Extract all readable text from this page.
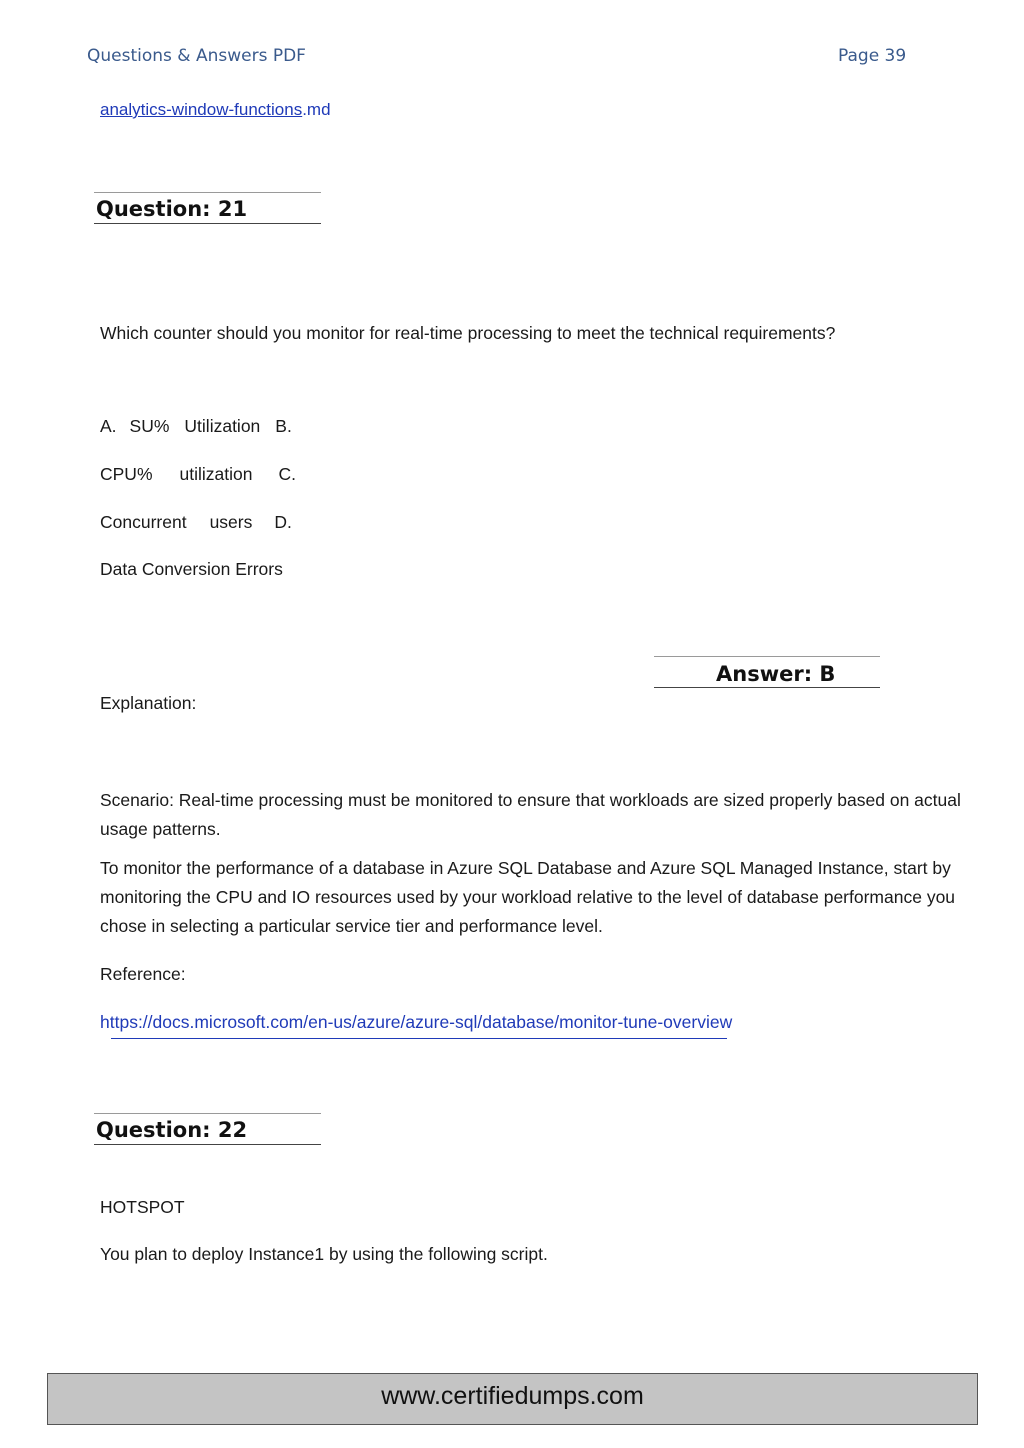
Questions & Answers PDF	Page 39
analytics-window-functions.md
Question: 21
Which counter should you monitor for real-time processing to meet the technical requirements?
A. SU% Utilization B.
CPU% utilization C.
Concurrent users D.
Data Conversion Errors
Answer: B
Explanation:
Scenario: Real-time processing must be monitored to ensure that workloads are sized properly based on actual usage patterns.
To monitor the performance of a database in Azure SQL Database and Azure SQL Managed Instance, start by monitoring the CPU and IO resources used by your workload relative to the level of database performance you chose in selecting a particular service tier and performance level.
Reference:
https://docs.microsoft.com/en-us/azure/azure-sql/database/monitor-tune-overview
Question: 22
HOTSPOT
You plan to deploy Instance1 by using the following script.
www.certifiedumps.com
